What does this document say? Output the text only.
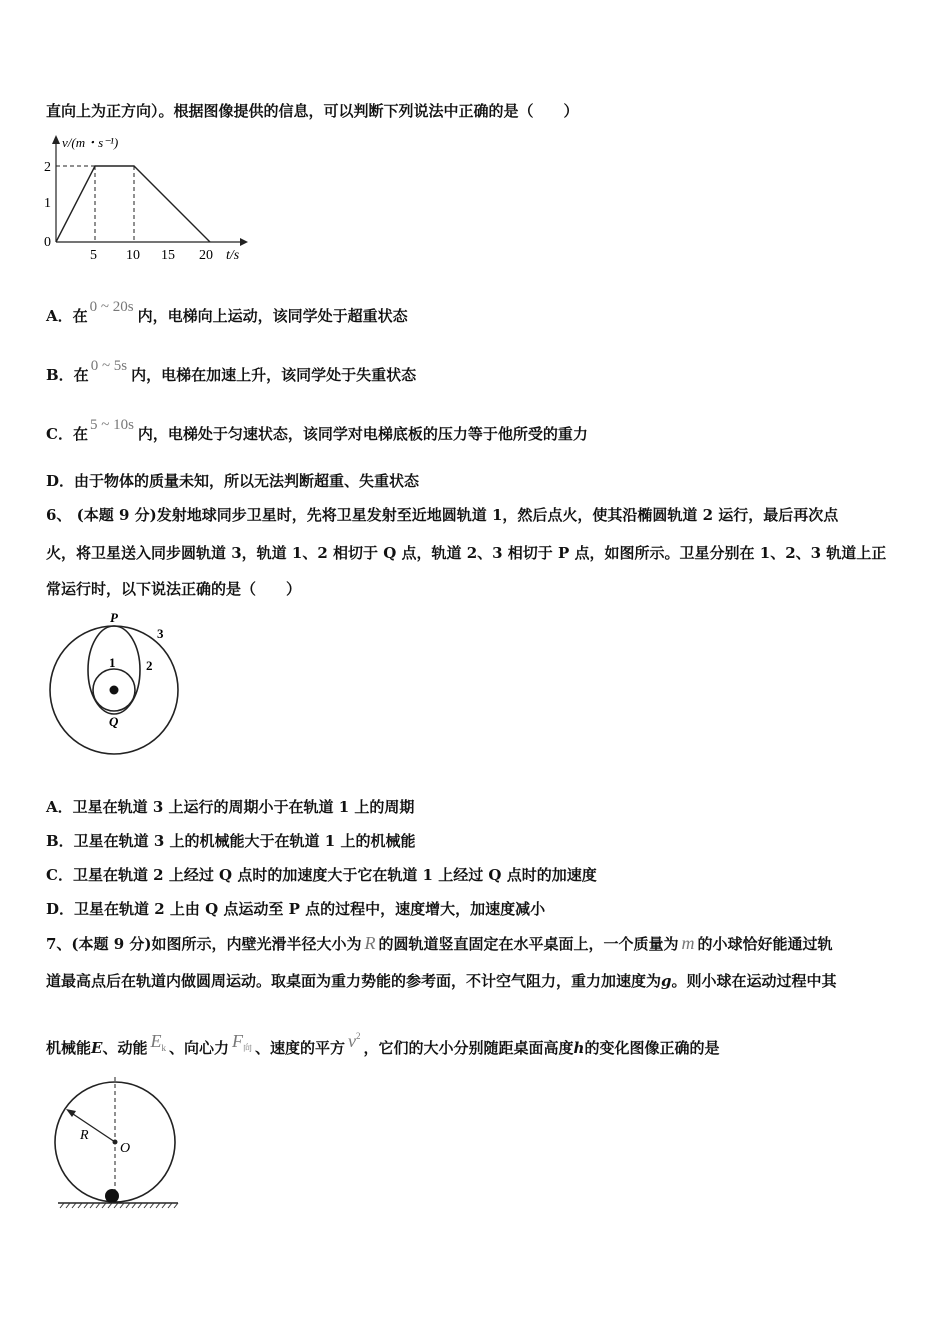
直向上为正方向）。根据图像提供的信息，可以判断下列说法中正确的是（　　）
v/(m・s⁻¹)
2
1
0
5 10 15 20 t/s
A．在 0 ~ 20s 内，电梯向上运动，该同学处于超重状态
B．在 0 ~ 5s 内，电梯在加速上升，该同学处于失重状态
C．在 5 ~ 10s 内，电梯处于匀速状态，该同学对电梯底板的压力等于他所受的重力
D．由于物体的质量未知，所以无法判断超重、失重状态
6、 (本题 9 分)发射地球同步卫星时，先将卫星发射至近地圆轨道 1，然后点火，使其沿椭圆轨道 2 运行，最后再次点
火，将卫星送入同步圆轨道 3，轨道 1、2 相切于 Q 点，轨道 2、3 相切于 P 点，如图所示。卫星分别在 1、2、3 轨道上正
常运行时，以下说法正确的是（　　）
P
3
1 2
Q
A．卫星在轨道 3 上运行的周期小于在轨道 1 上的周期
B．卫星在轨道 3 上的机械能大于在轨道 1 上的机械能
C．卫星在轨道 2 上经过 Q 点时的加速度大于它在轨道 1 上经过 Q 点时的加速度
D．卫星在轨道 2 上由 Q 点运动至 P 点的过程中，速度增大，加速度减小
7、(本题 9 分)如图所示，内壁光滑半径大小为 R 的圆轨道竖直固定在水平桌面上，一个质量为 m 的小球恰好能通过轨
道最高点后在轨道内做圆周运动。取桌面为重力势能的参考面，不计空气阻力，重力加速度为g。则小球在运动过程中其
机械能E、动能 $E_k$ 、向心力 $F_向$ 、速度的平方 $v^2$，它们的大小分别随距桌面高度h的变化图像正确的是
R
O
